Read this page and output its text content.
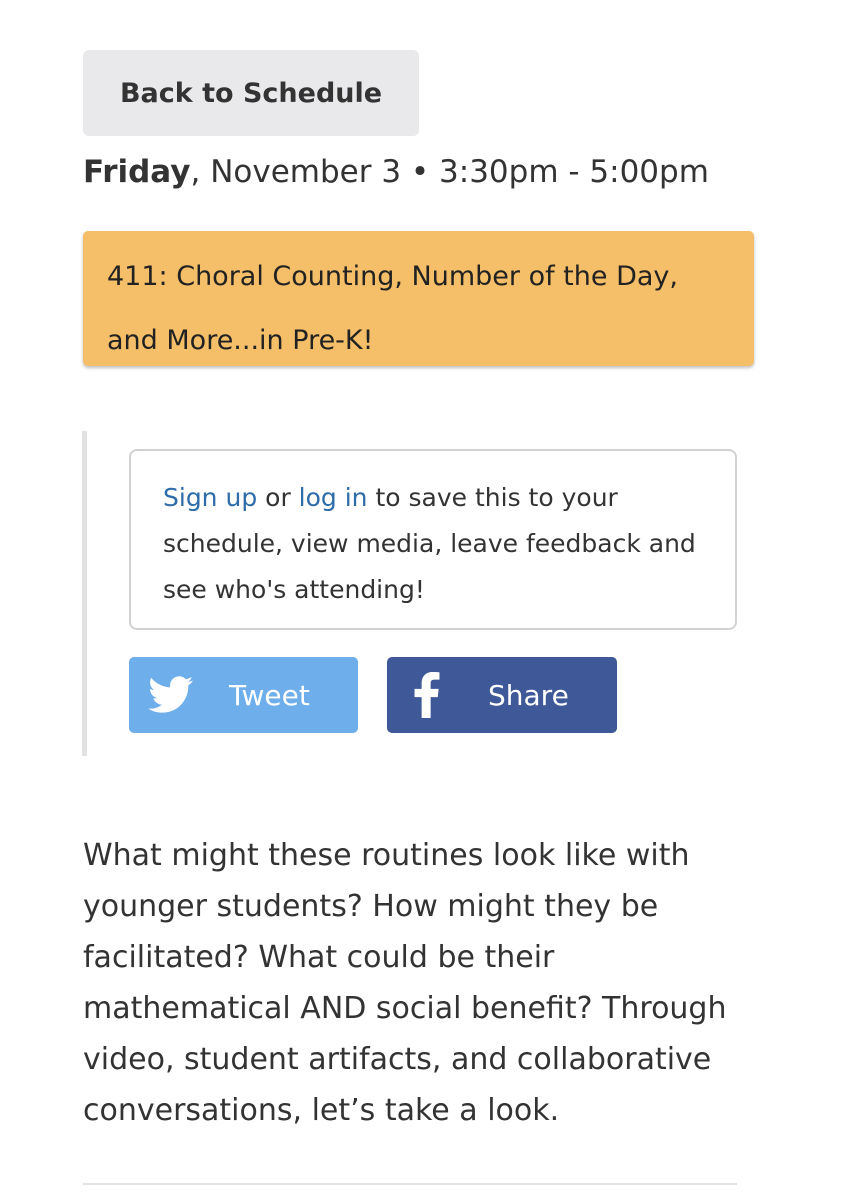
Back to Schedule
Friday, November 3 • 3:30pm - 5:00pm
411: Choral Counting, Number of the Day,
and More...in Pre-K!
Sign up or log in to save this to your schedule, view media, leave feedback and see who's attending!
Tweet	Share
What might these routines look like with
younger students? How might they be
facilitated? What could be their
mathematical AND social benefit? Through
video, student artifacts, and collaborative
conversations, let’s take a look.
